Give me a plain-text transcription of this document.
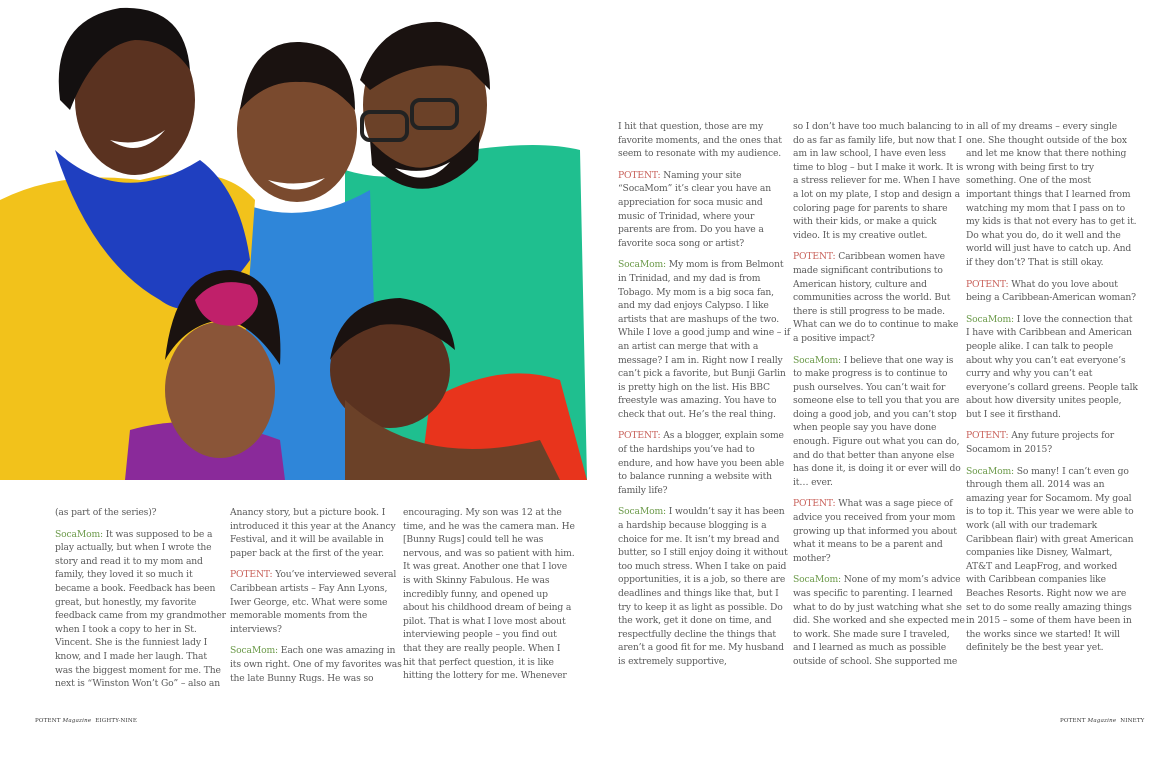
(as part of the series)?

SocaMom: It was supposed to be a play actually, but when I wrote the story and read it to my mom and family, they loved it so much it became a book. Feedback has been great, but honestly, my favorite feedback came from my grandmother when I took a copy to her in St. Vincent. She is the funniest lady I know, and I made her laugh. That was the biggest moment for me. The next is “Winston Won’t Go” – also an

Anancy story, but a picture book. I introduced it this year at the Anancy Festival, and it will be available in paper back at the first of the year.

POTENT: You’ve interviewed several Caribbean artists – Fay Ann Lyons, Iwer George, etc. What were some memorable moments from the interviews?

SocaMom: Each one was amazing in its own right. One of my favorites was the late Bunny Rugs. He was so

encouraging. My son was 12 at the time, and he was the camera man. He [Bunny Rugs] could tell he was nervous, and was so patient with him. It was great. Another one that I love is with Skinny Fabulous. He was incredibly funny, and opened up about his childhood dream of being a pilot. That is what I love most about interviewing people – you find out that they are really people. When I hit that perfect question, it is like hitting the lottery for me. Whenever

I hit that question, those are my favorite moments, and the ones that seem to resonate with my audience.

POTENT: Naming your site “SocaMom” it’s clear you have an appreciation for soca music and music of Trinidad, where your parents are from. Do you have a favorite soca song or artist?

SocaMom: My mom is from Belmont in Trinidad, and my dad is from Tobago. My mom is a big soca fan, and my dad enjoys Calypso. I like artists that are mashups of the two. While I love a good jump and wine – if an artist can merge that with a message? I am in. Right now I really can’t pick a favorite, but Bunji Garlin is pretty high on the list. His BBC freestyle was amazing. You have to check that out. He’s the real thing.

POTENT: As a blogger, explain some of the hardships you’ve had to endure, and how have you been able to balance running a website with family life?

SocaMom: I wouldn’t say it has been a hardship because blogging is a choice for me. It isn’t my bread and butter, so I still enjoy doing it without too much stress. When I take on paid opportunities, it is a job, so there are deadlines and things like that, but I try to keep it as light as possible. Do the work, get it done on time, and respectfully decline the things that aren’t a good fit for me. My husband is extremely supportive,

so I don’t have too much balancing to do as far as family life, but now that I am in law school, I have even less time to blog – but I make it work. It is a stress reliever for me. When I have a lot on my plate, I stop and design a coloring page for parents to share with their kids, or make a quick video. It is my creative outlet.

POTENT: Caribbean women have made significant contributions to American history, culture and communities across the world. But there is still progress to be made. What can we do to continue to make a positive impact?

SocaMom: I believe that one way is to make progress is to continue to push ourselves. You can’t wait for someone else to tell you that you are doing a good job, and you can’t stop when people say you have done enough. Figure out what you can do, and do that better than anyone else has done it, is doing it or ever will do it… ever.

POTENT: What was a sage piece of advice you received from your mom growing up that informed you about what it means to be a parent and mother?

SocaMom: None of my mom’s advice was specific to parenting. I learned what to do by just watching what she did. She worked and she expected me to work. She made sure I traveled, and I learned as much as possible outside of school. She supported me

in all of my dreams – every single one. She thought outside of the box and let me know that there nothing wrong with being first to try something. One of the most important things that I learned from watching my mom that I pass on to my kids is that not every has to get it. Do what you do, do it well and the world will just have to catch up. And if they don’t? That is still okay.

POTENT: What do you love about being a Caribbean-American woman?

SocaMom: I love the connection that I have with Caribbean and American people alike. I can talk to people about why you can’t eat everyone’s curry and why you can’t eat everyone’s collard greens. People talk about how diversity unites people, but I see it firsthand.

POTENT: Any future projects for Socamom in 2015?

SocaMom: So many! I can’t even go through them all. 2014 was an amazing year for Socamom. My goal is to top it. This year we were able to work (all with our trademark Caribbean flair) with great American companies like Disney, Walmart, AT&T and LeapFrog, and worked with Caribbean companies like Beaches Resorts. Right now we are set to do some really amazing things in 2015 – some of them have been in the works since we started! It will definitely be the best year yet.

POTENT Magazine EIGHTY-NINE	POTENT Magazine NINETY
